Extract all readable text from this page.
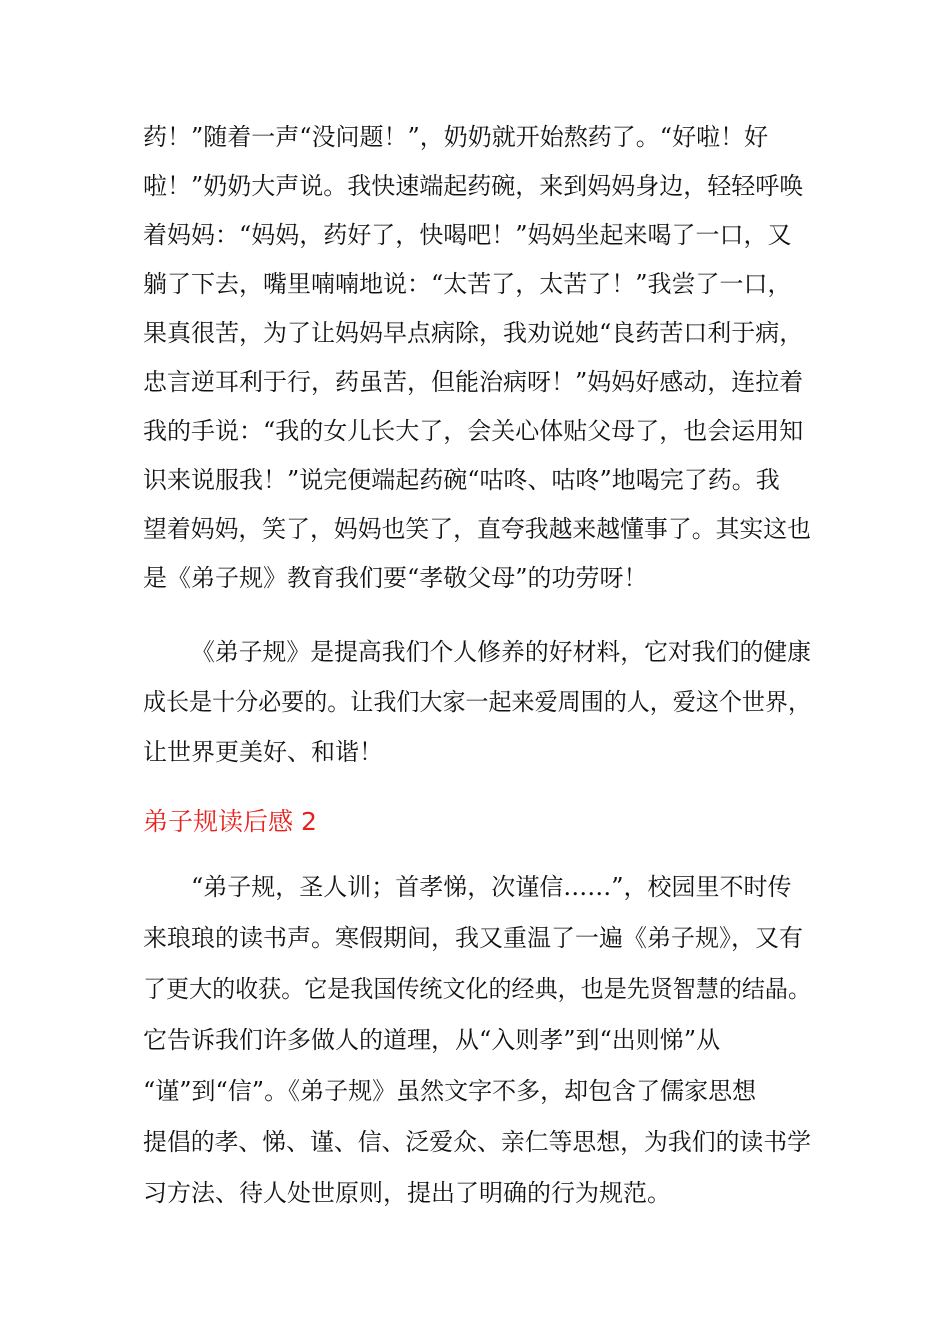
药！”随着一声“没问题！”，奶奶就开始熬药了。“好啦！好
啦！”奶奶大声说。我快速端起药碗，来到妈妈身边，轻轻呼唤
着妈妈：“妈妈，药好了，快喝吧！”妈妈坐起来喝了一口，又
躺了下去，嘴里喃喃地说：“太苦了，太苦了！”我尝了一口，
果真很苦，为了让妈妈早点病除，我劝说她“良药苦口利于病，
忠言逆耳利于行，药虽苦，但能治病呀！”妈妈好感动，连拉着
我的手说：“我的女儿长大了，会关心体贴父母了，也会运用知
识来说服我！”说完便端起药碗“咕咚、咕咚”地喝完了药。我
望着妈妈，笑了，妈妈也笑了，直夸我越来越懂事了。其实这也
是《弟子规》教育我们要“孝敬父母”的功劳呀！
《弟子规》是提高我们个人修养的好材料，它对我们的健康
成长是十分必要的。让我们大家一起来爱周围的人，爱这个世界，
让世界更美好、和谐！
弟子规读后感 2
“弟子规，圣人训；首孝悌，次谨信……”，校园里不时传
来琅琅的读书声。寒假期间，我又重温了一遍《弟子规》，又有
了更大的收获。它是我国传统文化的经典，也是先贤智慧的结晶。
它告诉我们许多做人的道理，从“入则孝”到“出则悌”从
“谨”到“信”。《弟子规》虽然文字不多，却包含了儒家思想
提倡的孝、悌、谨、信、泛爱众、亲仁等思想，为我们的读书学
习方法、待人处世原则，提出了明确的行为规范。
